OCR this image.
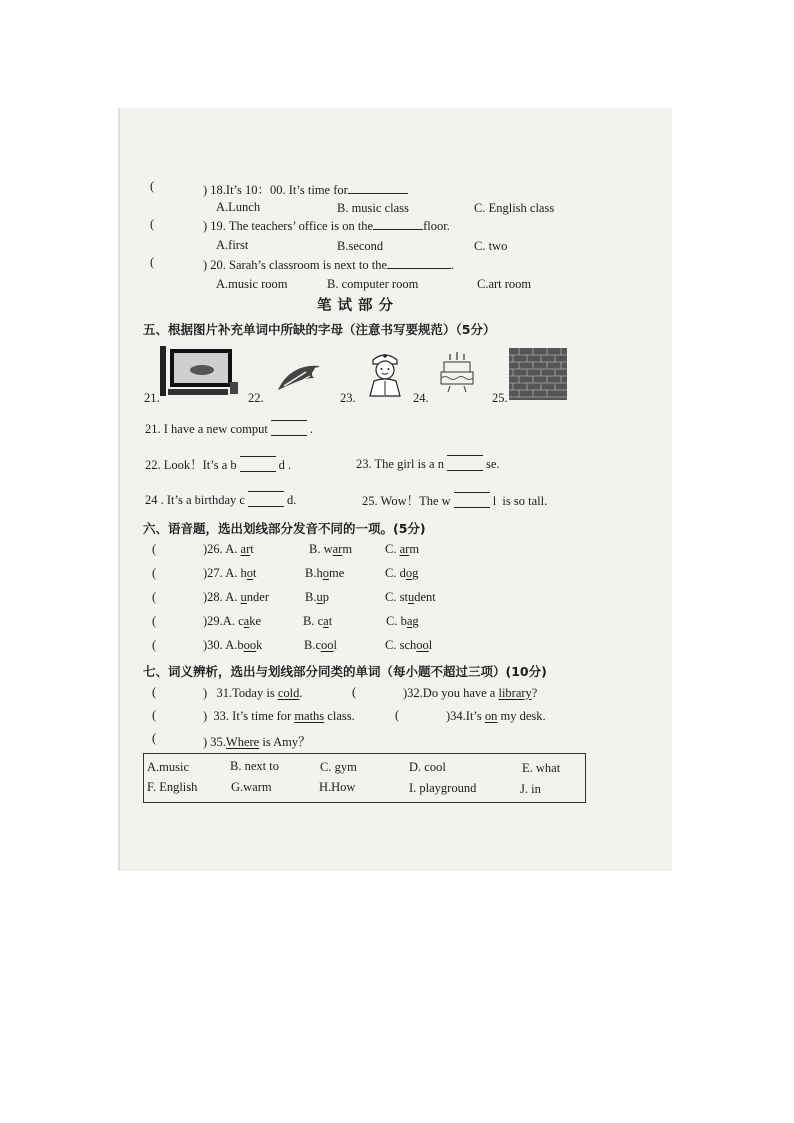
(	) 18.It’s 10：00. It’s time for
A.Lunch	B. music class	C. English class
(	) 19. The teachers’ office is on the	floor.
A.first	B.second	C. two
(	) 20. Sarah’s classroom is next to the	.
A.music room	B. computer room	C.art room
笔试部分
五、根据图片补充单词中所缺的字母（注意书写要规范）（5分）
21.	22.	23.	24.	25.
21. I have a new comput	.
22. Look！It’s a b	d .	23. The girl is a n	se.
24 . It’s a birthday c	d.	25. Wow！The w	l is so tall.
六、语音题，选出划线部分发音不同的一项。(5分)
(	)26. A. art	B. warm	C. arm
(	)27. A. hot	B.home	C. dog
(	)28. A. under	B.up	C. student
(	)29.A. cake	B. cat	C. bag
(	)30. A.book	B.cool	C. school
七、词义辨析，选出与划线部分同类的单词（每小题不超过三项）(10分)
(	) 31.Today is cold.	(	)32.Do you have a library?
(	) 33. It’s time for maths class.	(	)34.It’s on my desk.
(	) 35.Where is Amy？
A.music	B. next to	C. gym	D. cool	E. what
F. English	G.warm	H.How	I. playground	J. in
